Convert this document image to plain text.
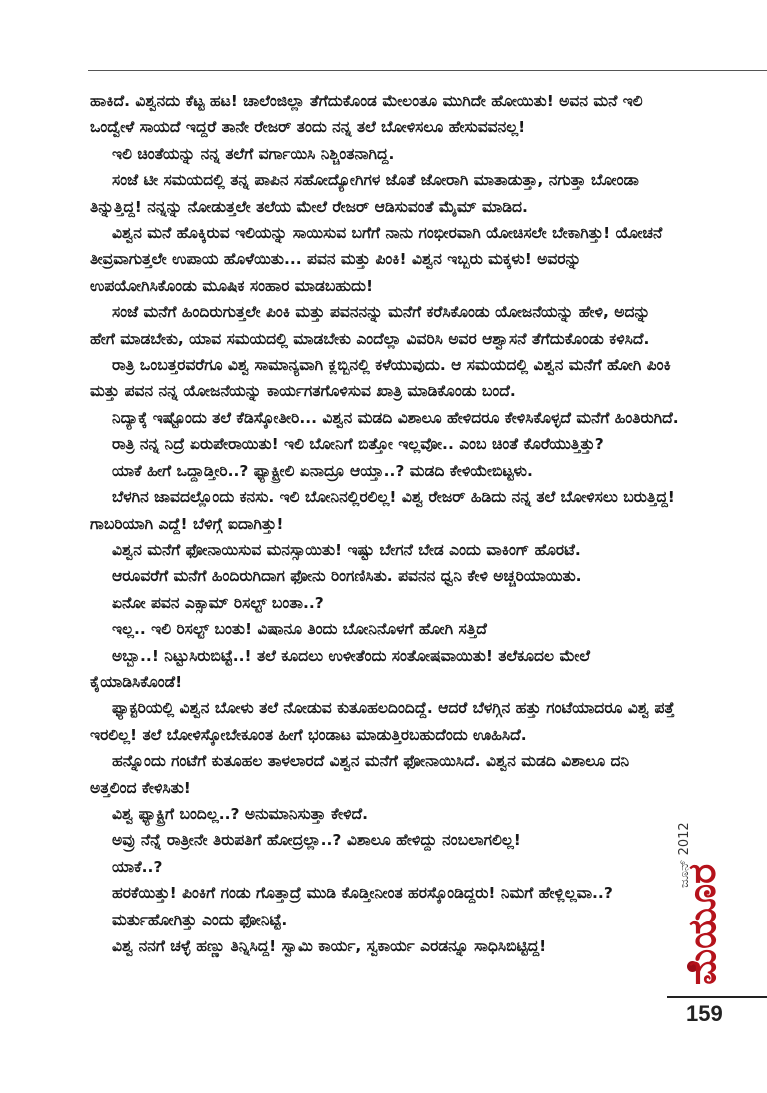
ಹಾಕಿದೆ. ವಿಶ್ವನದು ಕೆಟ್ಟ ಹಟ! ಚಾಲೆಂಜಿಲ್ಲಾ ತೆಗೆದುಕೊಂಡ ಮೇಲಂತೂ ಮುಗಿದೇ ಹೋಯಿತು! ಅವನ ಮನೆ ಇಲಿ ಒಂದ್ವೇಳೆ ಸಾಯದೆ ಇದ್ದರೆ ತಾನೇ ರೇಜರ್ ತಂದು ನನ್ನ ತಲೆ ಬೋಳಿಸಲೂ ಹೇಸುವವನಲ್ಲ!

ಇಲಿ ಚಿಂತೆಯನ್ನು ನನ್ನ ತಲೆಗೆ ವರ್ಗಾಯಿಸಿ ನಿಶ್ಚಿಂತನಾಗಿದ್ದ.

ಸಂಜೆ ಟೀ ಸಮಯದಲ್ಲಿ ತನ್ನ ಪಾಪಿನ ಸಹೋದ್ಯೋಗಿಗಳ ಜೊತೆ ಜೋರಾಗಿ ಮಾತಾಡುತ್ತಾ, ನಗುತ್ತಾ ಬೋಂಡಾ ತಿನ್ನುತ್ತಿದ್ದ! ನನ್ನನ್ನು ನೋಡುತ್ತಲೇ ತಲೆಯ ಮೇಲೆ ರೇಜರ್ ಆಡಿಸುವಂತೆ ಮೈಮ್ ಮಾಡಿದ.

ವಿಶ್ವನ ಮನೆ ಹೊಕ್ಕಿರುವ ಇಲಿಯನ್ನು ಸಾಯಿಸುವ ಬಗೆಗೆ ನಾನು ಗಂಭೀರವಾಗಿ ಯೋಚಿಸಲೇ ಬೇಕಾಗಿತ್ತು! ಯೋಚನೆ ತೀವ್ರವಾಗುತ್ತಲೇ ಉಪಾಯ ಹೊಳೆಯಿತು... ಪವನ ಮತ್ತು ಪಿಂಕಿ! ವಿಶ್ವನ ಇಬ್ಬರು ಮಕ್ಕಳು! ಅವರನ್ನು ಉಪಯೋಗಿಸಿಕೊಂಡು ಮೂಷಿಕ ಸಂಹಾರ ಮಾಡಬಹುದು!

ಸಂಜೆ ಮನೆಗೆ ಹಿಂದಿರುಗುತ್ತಲೇ ಪಿಂಕಿ ಮತ್ತು ಪವನನನ್ನು ಮನೆಗೆ ಕರೆಸಿಕೊಂಡು ಯೋಜನೆಯನ್ನು ಹೇಳಿ, ಅದನ್ನು ಹೇಗೆ ಮಾಡಬೇಕು, ಯಾವ ಸಮಯದಲ್ಲಿ ಮಾಡಬೇಕು ಎಂದೆಲ್ಲಾ ವಿವರಿಸಿ ಅವರ ಆಶ್ವಾಸನೆ ತೆಗೆದುಕೊಂಡು ಕಳಿಸಿದೆ.

ರಾತ್ರಿ ಒಂಬತ್ತರವರೆಗೂ ವಿಶ್ವ ಸಾಮಾನ್ಯವಾಗಿ ಕ್ಲಬ್ಬಿನಲ್ಲಿ ಕಳೆಯುವುದು. ಆ ಸಮಯದಲ್ಲಿ ವಿಶ್ವನ ಮನೆಗೆ ಹೋಗಿ ಪಿಂಕಿ ಮತ್ತು ಪವನ ನನ್ನ ಯೋಜನೆಯನ್ನು ಕಾರ್ಯಗತಗೊಳಿಸುವ ಖಾತ್ರಿ ಮಾಡಿಕೊಂಡು ಬಂದೆ.

ನಿದ್ಯಾಕ್ಕೆ ಇಷ್ಟೊಂದು ತಲೆ ಕೆಡಿಸ್ಕೋತೀರಿ... ವಿಶ್ವನ ಮಡದಿ ವಿಶಾಲೂ ಹೇಳಿದರೂ ಕೇಳಿಸಿಕೊಳ್ಳದೆ ಮನೆಗೆ ಹಿಂತಿರುಗಿದೆ.

ರಾತ್ರಿ ನನ್ನ ನಿದ್ರೆ ಏರುಪೇರಾಯಿತು! ಇಲಿ ಬೋನಿಗೆ ಬಿತ್ತೋ ಇಲ್ಲವೋ.. ಎಂಬ ಚಿಂತೆ ಕೊರೆಯುತ್ತಿತ್ತು?

ಯಾಕೆ ಹೀಗೆ ಒದ್ದಾಡ್ತೀರಿ..? ಫ್ಯಾಕ್ಟ್ರೀಲಿ ಏನಾದ್ರೂ ಆಯ್ತಾ..? ಮಡದಿ ಕೇಳಿಯೇಬಿಟ್ಟಳು.

ಬೆಳಗಿನ ಜಾವದಲ್ಲೊಂದು ಕನಸು. ಇಲಿ ಬೋನಿನಲ್ಲಿರಲಿಲ್ಲ! ವಿಶ್ವ ರೇಜರ್ ಹಿಡಿದು ನನ್ನ ತಲೆ ಬೋಳಿಸಲು ಬರುತ್ತಿದ್ದ! ಗಾಬರಿಯಾಗಿ ಎದ್ದೆ! ಬೆಳಿಗ್ಗೆ ಐದಾಗಿತ್ತು!

ವಿಶ್ವನ ಮನೆಗೆ ಫೋನಾಯಿಸುವ ಮನಸ್ಸಾಯಿತು! ಇಷ್ಟು ಬೇಗನೆ ಬೇಡ ಎಂದು ವಾಕಿಂಗ್ ಹೊರಟೆ.

ಆರೂವರೆಗೆ ಮನೆಗೆ ಹಿಂದಿರುಗಿದಾಗ ಫೋನು ರಿಂಗಣಿಸಿತು. ಪವನನ ಧ್ವನಿ ಕೇಳಿ ಅಚ್ಚರಿಯಾಯಿತು.

ಏನೋ ಪವನ ಎಕ್ಸಾಮ್ ರಿಸಲ್ಟ್ ಬಂತಾ..?

ಇಲ್ಲ.. ಇಲಿ ರಿಸಲ್ಟ್ ಬಂತು! ವಿಷಾನೂ ತಿಂದು ಬೋನಿನೊಳಗೆ ಹೋಗಿ ಸತ್ತಿದೆ

ಅಬ್ಬಾ..! ನಿಟ್ಟುಸಿರುಬಿಟ್ಟೆ..! ತಲೆ ಕೂದಲು ಉಳೀತೆಂದು ಸಂತೋಷವಾಯಿತು! ತಲೆಕೂದಲ ಮೇಲೆ ಕೈಯಾಡಿಸಿಕೊಂಡೆ!

ಫ್ಯಾಕ್ಟರಿಯಲ್ಲಿ ವಿಶ್ವನ ಬೋಳು ತಲೆ ನೋಡುವ ಕುತೂಹಲದಿಂದಿದ್ದೆ. ಆದರೆ ಬೆಳಗ್ಗಿನ ಹತ್ತು ಗಂಟೆಯಾದರೂ ವಿಶ್ವ ಪತ್ತೆ ಇರಲಿಲ್ಲ! ತಲೆ ಬೋಳಿಸ್ಕೋಬೇಕೂಂತ ಹೀಗೆ ಭಂಡಾಟ ಮಾಡುತ್ತಿರಬಹುದೆಂದು ಊಹಿಸಿದೆ.

ಹನ್ನೊಂದು ಗಂಟೆಗೆ ಕುತೂಹಲ ತಾಳಲಾರದೆ ವಿಶ್ವನ ಮನೆಗೆ ಫೋನಾಯಿಸಿದೆ. ವಿಶ್ವನ ಮಡದಿ ವಿಶಾಲೂ ದನಿ ಅತ್ತಲಿಂದ ಕೇಳಿಸಿತು!

ವಿಶ್ವ ಫ್ಯಾಕ್ಟ್ರಿಗೆ ಬಂದಿಲ್ಲ..? ಅನುಮಾನಿಸುತ್ತಾ ಕೇಳಿದೆ.

ಅವ್ರು ನೆನ್ನೆ ರಾತ್ರೀನೇ ತಿರುಪತಿಗೆ ಹೋದ್ರಲ್ಲಾ..? ವಿಶಾಲೂ ಹೇಳಿದ್ದು ನಂಬಲಾಗಲಿಲ್ಲ!

ಯಾಕೆ..?

ಹರಕೆಯಿತ್ತು! ಪಿಂಕಿಗೆ ಗಂಡು ಗೊತ್ತಾದ್ರೆ ಮುಡಿ ಕೊಡ್ತೀನೀಂತ ಹರಸ್ಕೊಂಡಿದ್ದರು! ನಿಮಗೆ ಹೇಳ್ಲಿಲ್ಲವಾ..?

ಮರ್ತುಹೋಗಿತ್ತು ಎಂದು ಫೋನಿಟ್ಟೆ.

ವಿಶ್ವ ನನಗೆ ಚಳ್ಳೆ ಹಣ್ಣು ತಿನ್ನಿಸಿದ್ದ! ಸ್ವಾಮಿ ಕಾರ್ಯ, ಸ್ವಕಾರ್ಯ ಎರಡನ್ನೂ ಸಾಧಿಸಿಬಿಟ್ಟಿದ್ದ!

ಜೂನ್ 2012
ಮಯೂರ
159
